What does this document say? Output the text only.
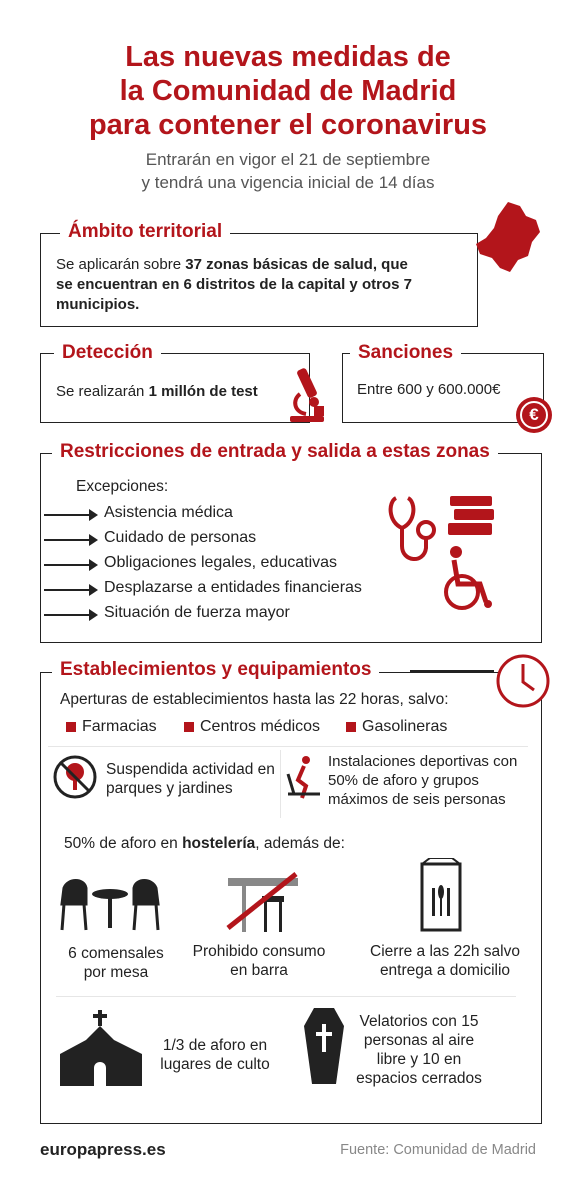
Las nuevas medidas de
la Comunidad de Madrid
para contener el coronavirus
Entrarán en vigor el 21 de septiembre
y tendrá una vigencia inicial de 14 días
Ámbito territorial
Se aplicarán sobre 37 zonas básicas de salud, que se encuentran en 6 distritos de la capital y otros 7 municipios.
Detección
Se realizarán 1 millón de test
Sanciones
Entre 600 y 600.000€
€
Restricciones de entrada y salida a estas zonas
Excepciones:
Asistencia médica
Cuidado de personas
Obligaciones legales, educativas
Desplazarse a entidades financieras
Situación de fuerza mayor
Establecimientos y equipamientos
Aperturas de establecimientos hasta las 22 horas, salvo:
Farmacias	Centros médicos	Gasolineras
Suspendida actividad en parques y jardines
Instalaciones deportivas con 50% de aforo y grupos máximos de seis personas
50% de aforo en hostelería, además de:
6 comensales por mesa
Prohibido consumo en barra
Cierre a las 22h salvo entrega a domicilio
1/3 de aforo en lugares de culto
Velatorios con 15 personas al aire libre y 10 en espacios cerrados
europapress.es	Fuente: Comunidad de Madrid
